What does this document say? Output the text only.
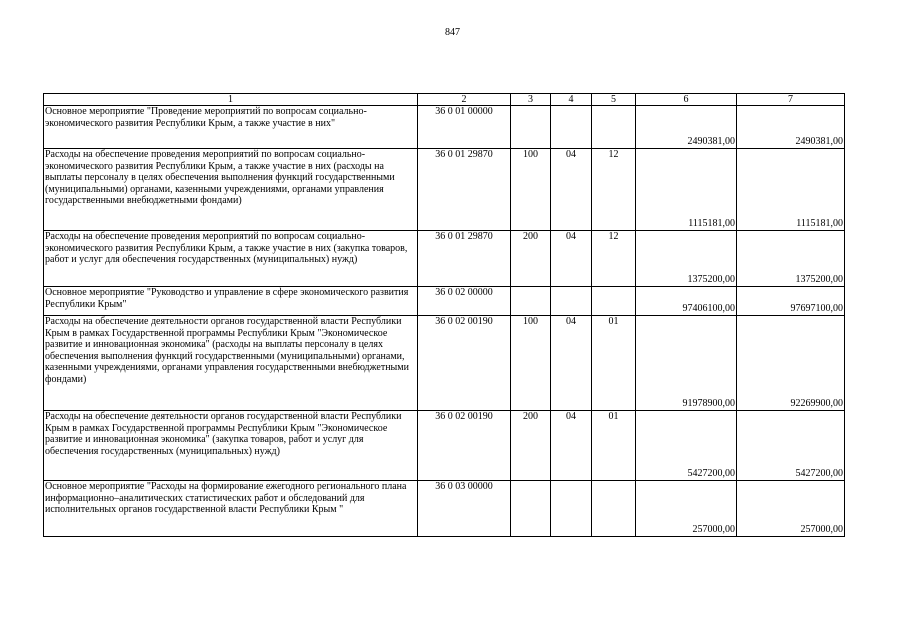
847
1	2	3	4	5	6	7
Основное мероприятие "Проведение мероприятий по вопросам социально-экономического развития Республики Крым, а также участие в них"	36 0 01 00000				2490381,00	2490381,00
Расходы на обеспечение проведения мероприятий по вопросам социально-экономического развития Республики Крым, а также участие в них (расходы на выплаты персоналу в целях обеспечения выполнения функций государственными (муниципальными) органами, казенными учреждениями, органами управления государственными внебюджетными фондами)	36 0 01 29870	100	04	12	1115181,00	1115181,00
Расходы на обеспечение проведения мероприятий по вопросам социально-экономического развития Республики Крым, а также участие в них (закупка товаров, работ и услуг для обеспечения государственных (муниципальных) нужд)	36 0 01 29870	200	04	12	1375200,00	1375200,00
Основное мероприятие "Руководство и управление в сфере экономического развития Республики Крым"	36 0 02 00000				97406100,00	97697100,00
Расходы на обеспечение деятельности органов государственной власти Республики Крым в рамках Государственной программы Республики Крым "Экономическое развитие и инновационная экономика" (расходы на выплаты персоналу в целях обеспечения выполнения функций государственными (муниципальными) органами, казенными учреждениями, органами управления государственными внебюджетными фондами)	36 0 02 00190	100	04	01	91978900,00	92269900,00
Расходы на обеспечение деятельности органов государственной власти Республики Крым в рамках Государственной программы Республики Крым "Экономическое развитие и инновационная экономика" (закупка товаров, работ и услуг для обеспечения государственных (муниципальных) нужд)	36 0 02 00190	200	04	01	5427200,00	5427200,00
Основное мероприятие "Расходы на формирование ежегодного регионального плана информационно–аналитических статистических работ и обследований для исполнительных органов государственной власти Республики Крым "	36 0 03 00000				257000,00	257000,00
